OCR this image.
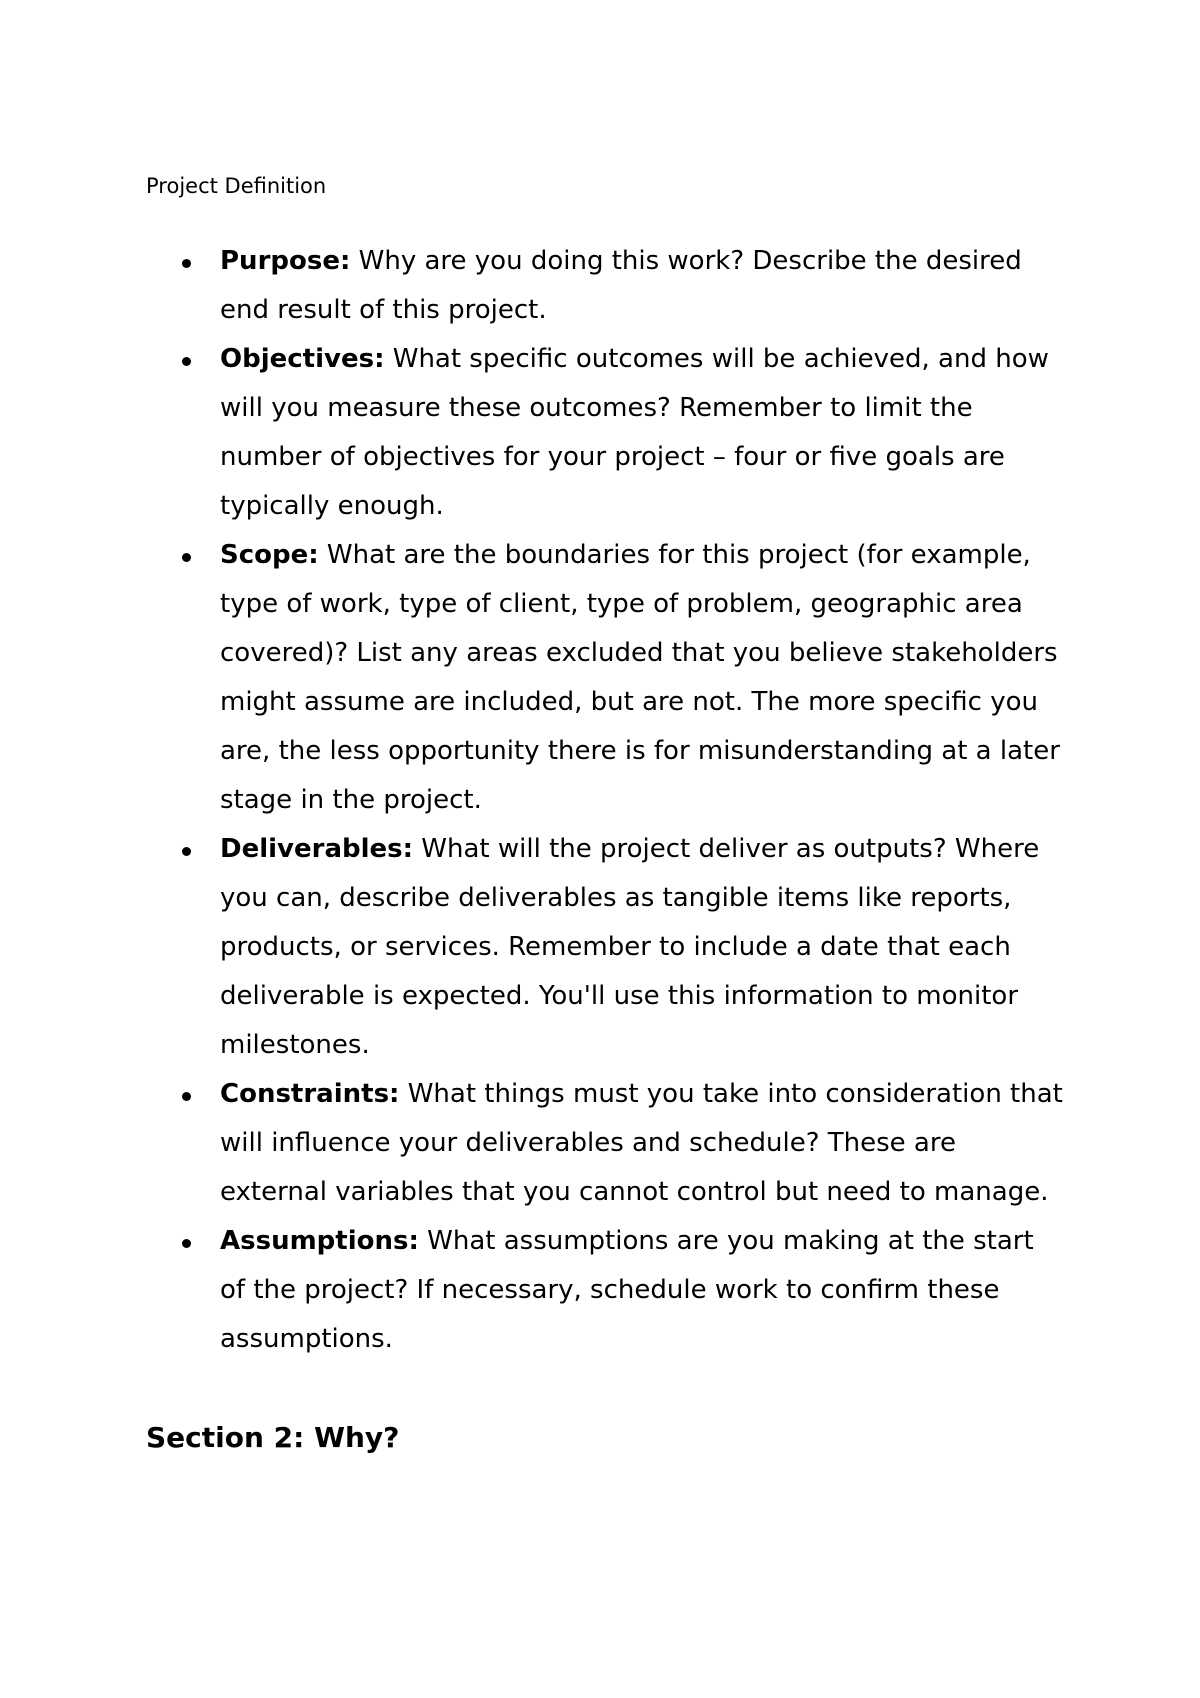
Project Definition

Purpose: Why are you doing this work? Describe the desired end result of this project.
Objectives: What specific outcomes will be achieved, and how will you measure these outcomes? Remember to limit the number of objectives for your project – four or five goals are typically enough.
Scope: What are the boundaries for this project (for example, type of work, type of client, type of problem, geographic area covered)? List any areas excluded that you believe stakeholders might assume are included, but are not. The more specific you are, the less opportunity there is for misunderstanding at a later stage in the project.
Deliverables: What will the project deliver as outputs? Where you can, describe deliverables as tangible items like reports, products, or services. Remember to include a date that each deliverable is expected. You'll use this information to monitor milestones.
Constraints: What things must you take into consideration that will influence your deliverables and schedule? These are external variables that you cannot control but need to manage.
Assumptions: What assumptions are you making at the start of the project? If necessary, schedule work to confirm these assumptions.
Section 2: Why?
